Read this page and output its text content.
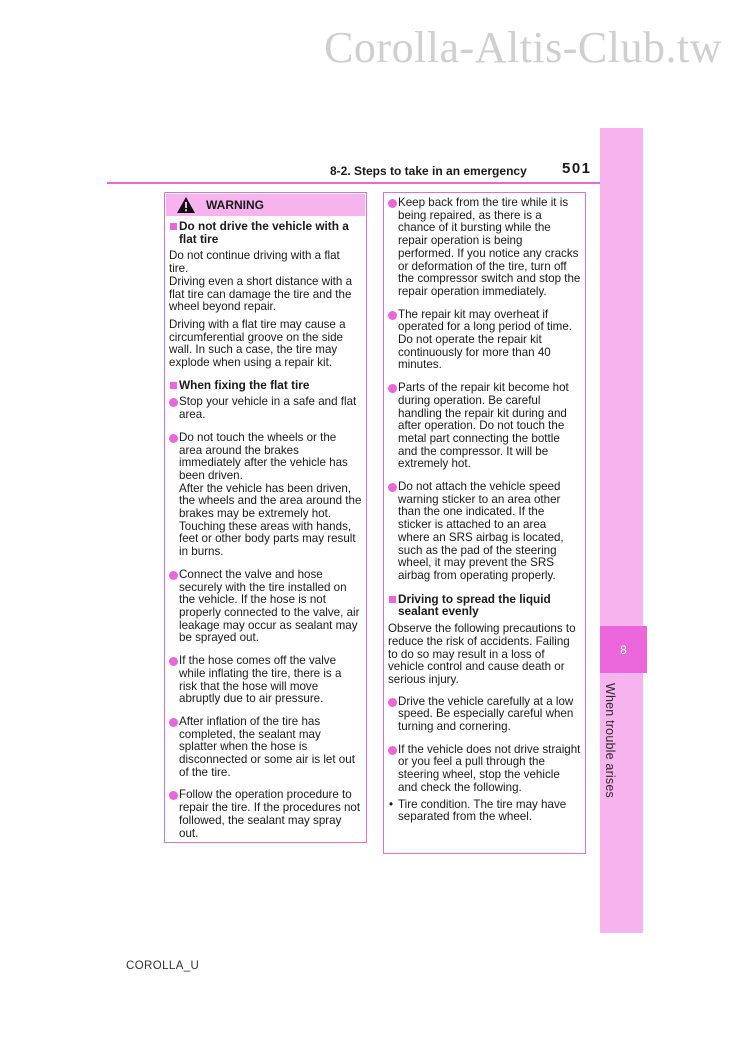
Corolla-Altis-Club.tw
8
When trouble arises
8-2. Steps to take in an emergency 501
WARNING
Do not drive the vehicle with a flat tire

Do not continue driving with a flat tire.

Driving even a short distance with a flat tire can damage the tire and the wheel beyond repair.

Driving with a flat tire may cause a circumferential groove on the side wall. In such a case, the tire may explode when using a repair kit.

When fixing the flat tire
Stop your vehicle in a safe and flat area.
Do not touch the wheels or the area around the brakes immediately after the vehicle has been driven.
After the vehicle has been driven, the wheels and the area around the brakes may be extremely hot. Touching these areas with hands, feet or other body parts may result in burns.
Connect the valve and hose securely with the tire installed on the vehicle. If the hose is not properly connected to the valve, air leakage may occur as sealant may be sprayed out.
If the hose comes off the valve while inflating the tire, there is a risk that the hose will move abruptly due to air pressure.
After inflation of the tire has completed, the sealant may splatter when the hose is disconnected or some air is let out of the tire.
Follow the operation procedure to repair the tire. If the procedures not followed, the sealant may spray out.
Keep back from the tire while it is being repaired, as there is a chance of it bursting while the repair operation is being performed. If you notice any cracks or deformation of the tire, turn off the compressor switch and stop the repair operation immediately.
The repair kit may overheat if operated for a long period of time. Do not operate the repair kit continuously for more than 40 minutes.
Parts of the repair kit become hot during operation. Be careful handling the repair kit during and after operation. Do not touch the metal part connecting the bottle and the compressor. It will be extremely hot.
Do not attach the vehicle speed warning sticker to an area other than the one indicated. If the sticker is attached to an area where an SRS airbag is located, such as the pad of the steering wheel, it may prevent the SRS airbag from operating properly.
Driving to spread the liquid sealant evenly

Observe the following precautions to reduce the risk of accidents. Failing to do so may result in a loss of vehicle control and cause death or serious injury.

Drive the vehicle carefully at a low speed. Be especially careful when turning and cornering.
If the vehicle does not drive straight or you feel a pull through the steering wheel, stop the vehicle and check the following.
• Tire condition. The tire may have separated from the wheel.
COROLLA_U
